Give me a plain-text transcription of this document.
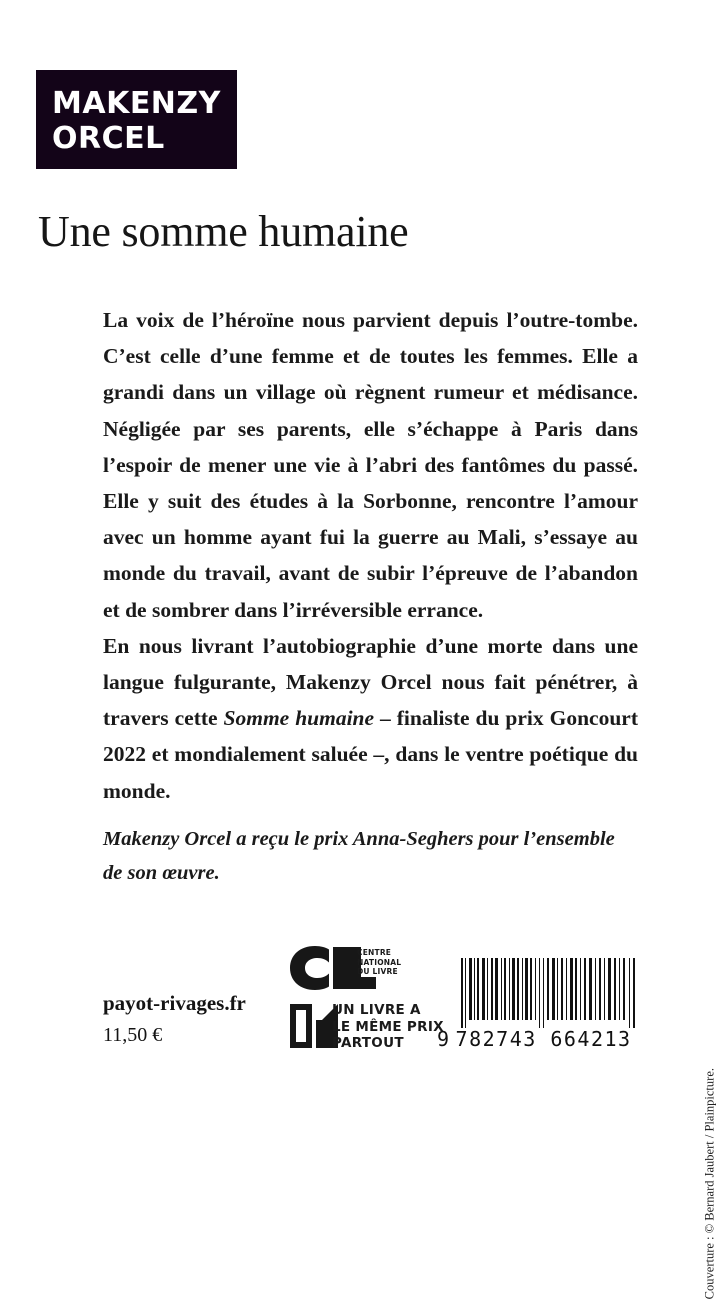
MAKENZY
ORCEL
Une somme humaine

La voix de l’héroïne nous parvient depuis l’outre-tombe. C’est celle d’une femme et de toutes les femmes. Elle a grandi dans un village où règnent rumeur et médisance. Négligée par ses parents, elle s’échappe à Paris dans l’espoir de mener une vie à l’abri des fantômes du passé. Elle y suit des études à la Sorbonne, rencontre l’amour avec un homme ayant fui la guerre au Mali, s’essaye au monde du travail, avant de subir l’épreuve de l’abandon et de sombrer dans l’irréversible errance.

En nous livrant l’autobiographie d’une morte dans une langue fulgurante, Makenzy Orcel nous fait pénétrer, à travers cette Somme humaine – finaliste du prix Goncourt 2022 et mondialement saluée –, dans le ventre poétique du monde.

Makenzy Orcel a reçu le prix Anna-Seghers pour l’ensemble de son œuvre.

payot-rivages.fr
11,50 €
CENTRE
NATIONAL
DU LIVRE
UN LIVRE A
LE MÊME PRIX
PARTOUT	9 782743 664213
Couverture : © Bernard Jaubert / Plainpicture.
